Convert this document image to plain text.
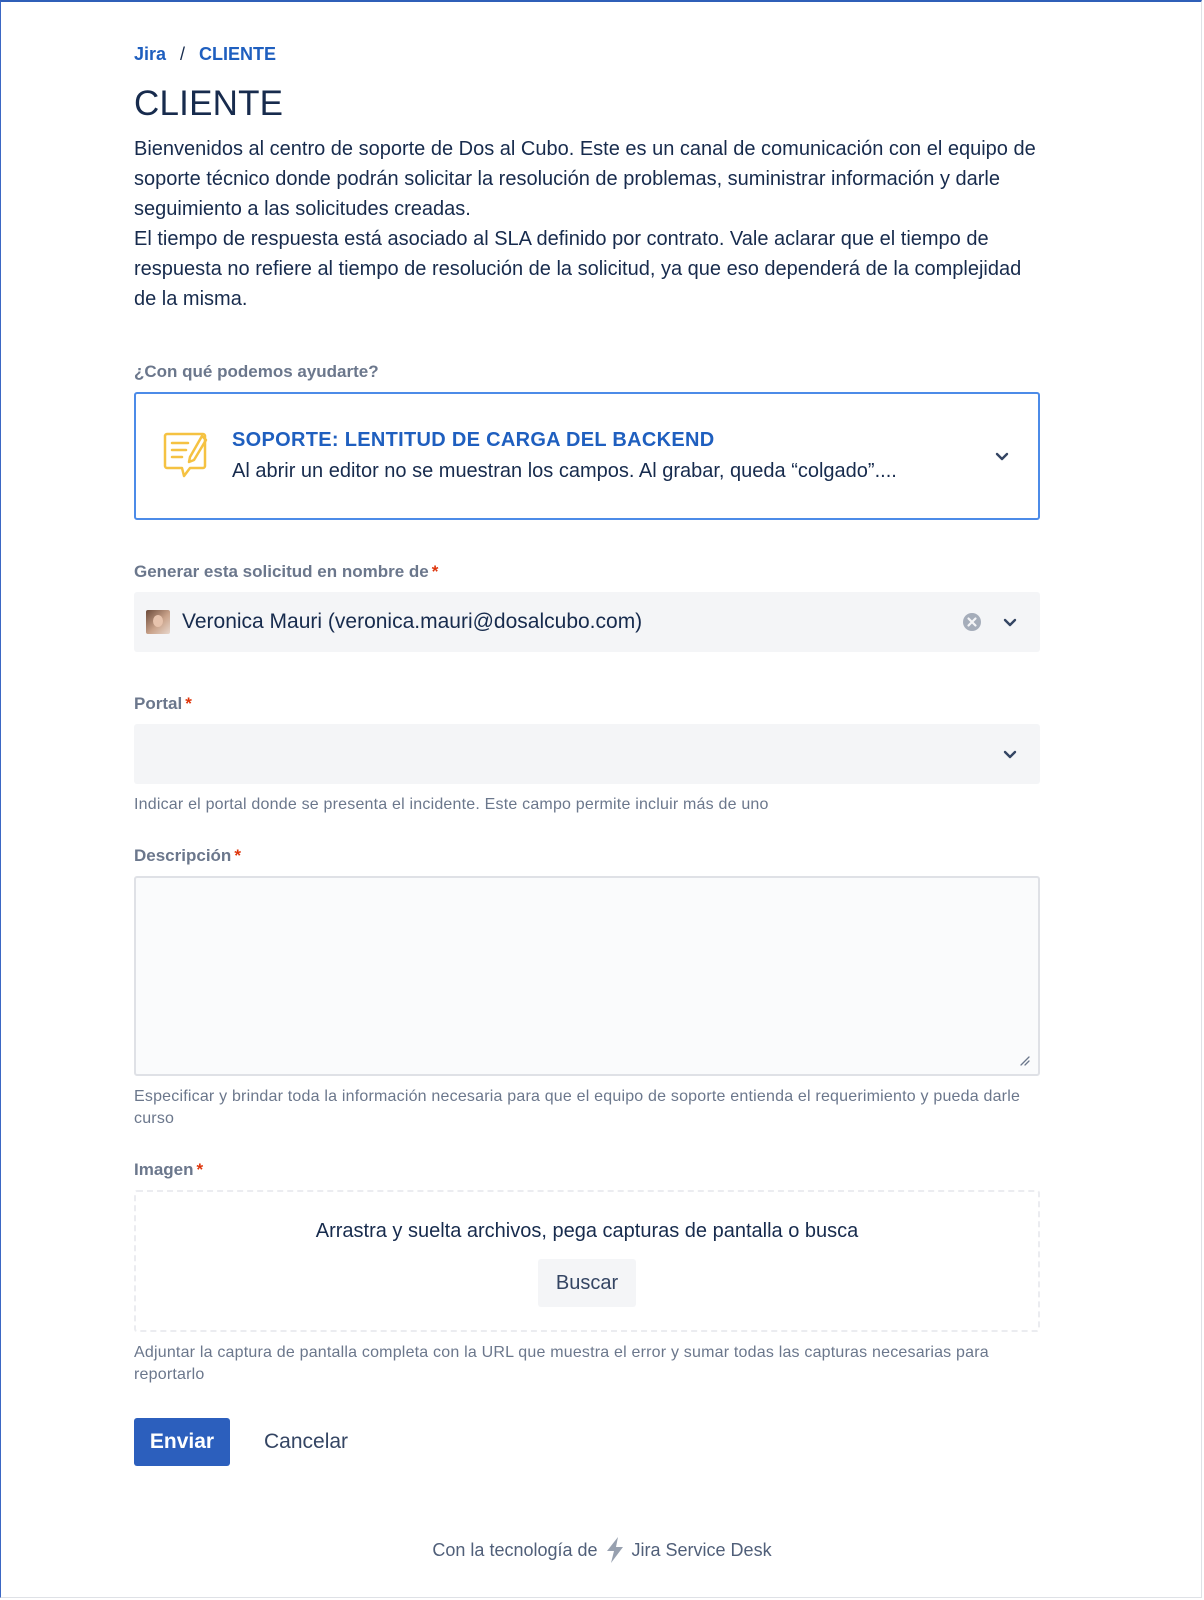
Jira / CLIENTE
CLIENTE

Bienvenidos al centro de soporte de Dos al Cubo. Este es un canal de comunicación con el equipo de soporte técnico donde podrán solicitar la resolución de problemas, suministrar información y darle seguimiento a las solicitudes creadas.

El tiempo de respuesta está asociado al SLA definido por contrato. Vale aclarar que el tiempo de respuesta no refiere al tiempo de resolución de la solicitud, ya que eso dependerá de la complejidad de la misma.

¿Con qué podemos ayudarte?
SOPORTE: LENTITUD DE CARGA DEL BACKEND
Al abrir un editor no se muestran los campos. Al grabar, queda “colgado”....
Generar esta solicitud en nombre de *
Veronica Mauri (veronica.mauri@dosalcubo.com)
Portal *
Indicar el portal donde se presenta el incidente. Este campo permite incluir más de uno
Descripción *
Especificar y brindar toda la información necesaria para que el equipo de soporte entienda el requerimiento y pueda darle curso
Imagen *
Arrastra y suelta archivos, pega capturas de pantalla o busca
Buscar
Adjuntar la captura de pantalla completa con la URL que muestra el error y sumar todas las capturas necesarias para reportarlo
Enviar	Cancelar
Con la tecnología de Jira Service Desk
